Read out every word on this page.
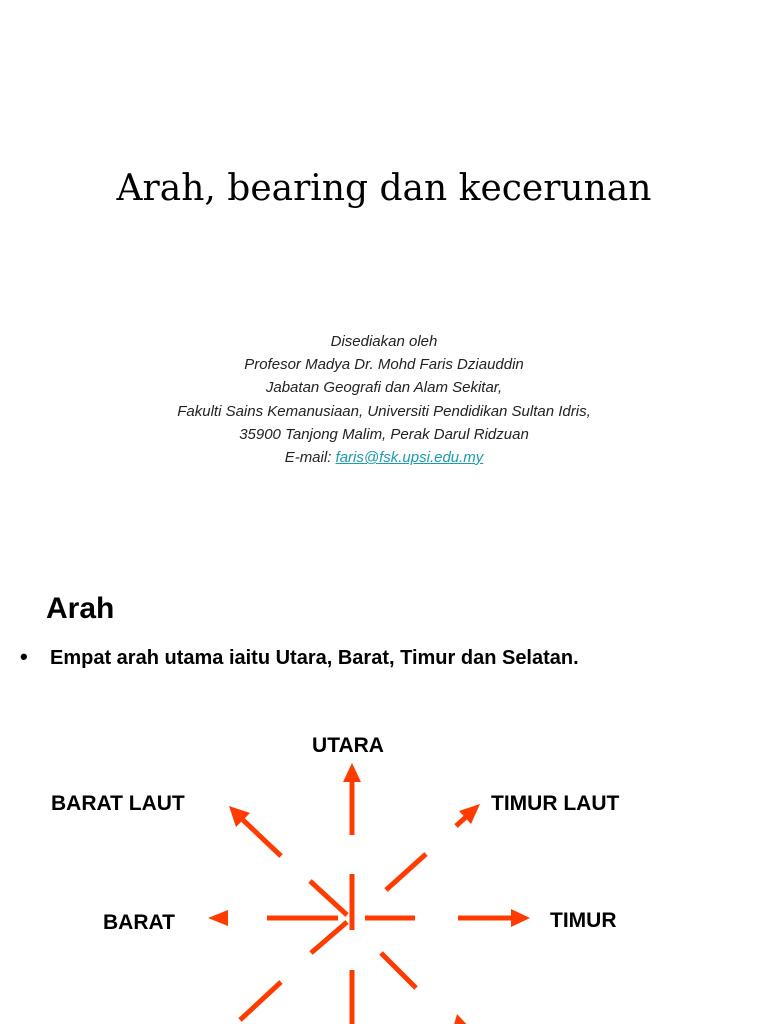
Arah, bearing dan kecerunan
Disediakan oleh
Profesor Madya Dr. Mohd Faris Dziauddin
Jabatan Geografi dan Alam Sekitar,
Fakulti Sains Kemanusiaan, Universiti Pendidikan Sultan Idris,
35900 Tanjong Malim, Perak Darul Ridzuan
E-mail: faris@fsk.upsi.edu.my
Arah
• Empat arah utama iaitu Utara, Barat, Timur dan Selatan.
UTARA
BARAT LAUT	TIMUR LAUT
BARAT	TIMUR
